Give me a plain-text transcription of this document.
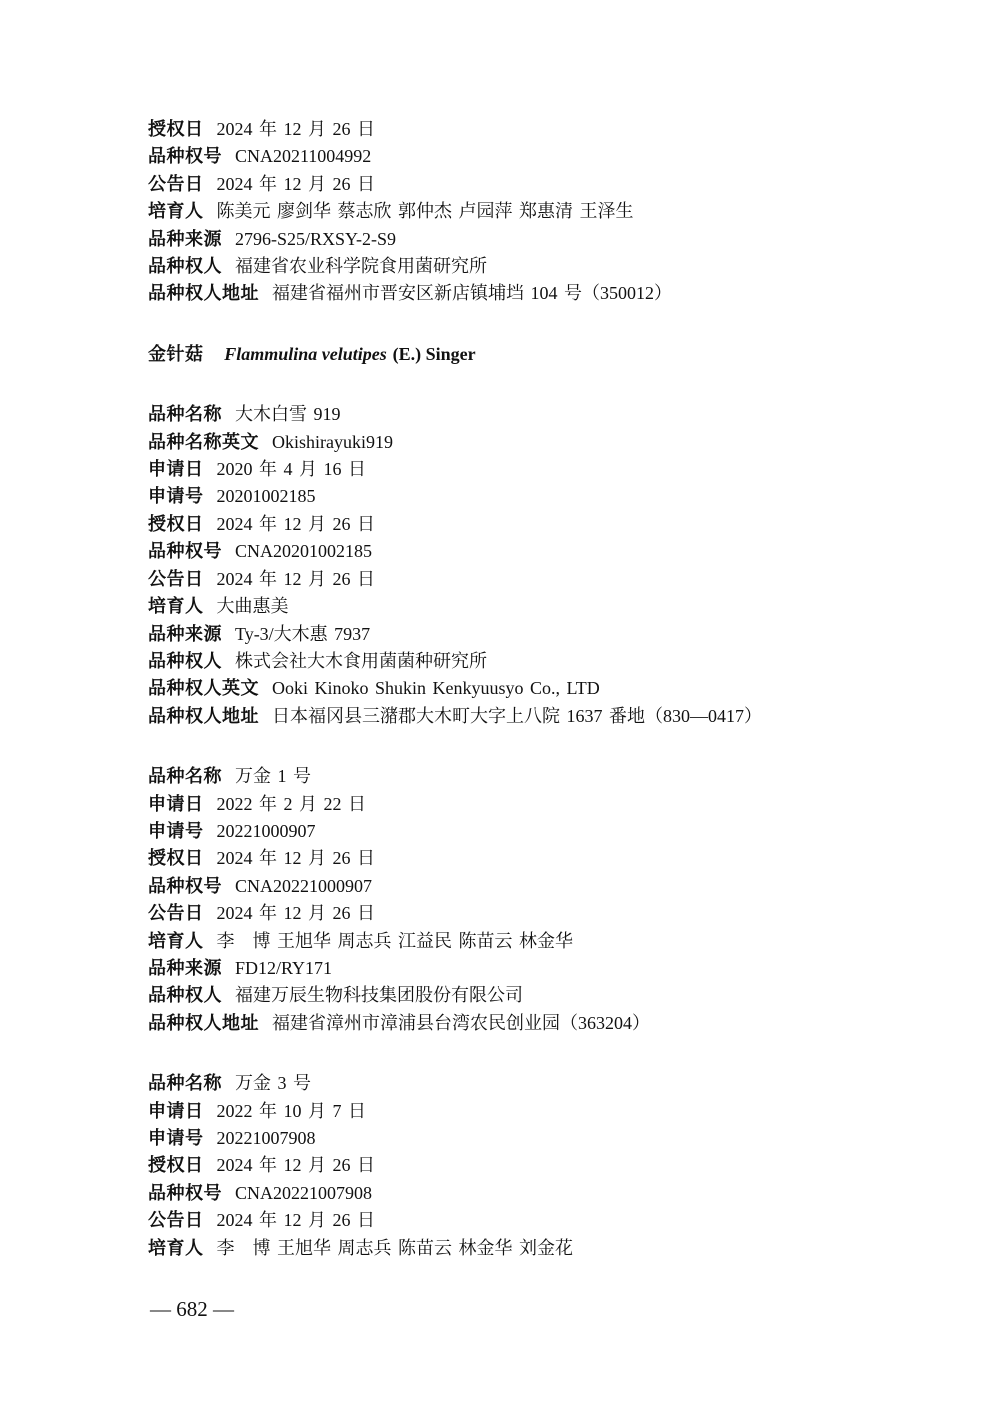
授权日 2024 年 12 月 26 日
品种权号 CNA20211004992
公告日 2024 年 12 月 26 日
培育人 陈美元 廖剑华 蔡志欣 郭仲杰 卢园萍 郑惠清 王泽生
品种来源 2796-S25/RXSY-2-S9
品种权人 福建省农业科学院食用菌研究所
品种权人地址 福建省福州市晋安区新店镇埔垱 104 号（350012）
金针菇 Flammulina velutipes (E.) Singer
品种名称 大木白雪 919
品种名称英文 Okishirayuki919
申请日 2020 年 4 月 16 日
申请号 20201002185
授权日 2024 年 12 月 26 日
品种权号 CNA20201002185
公告日 2024 年 12 月 26 日
培育人 大曲惠美
品种来源 Ty-3/大木惠 7937
品种权人 株式会社大木食用菌菌种研究所
品种权人英文 Ooki Kinoko Shukin Kenkyuusyo Co., LTD
品种权人地址 日本福冈县三潴郡大木町大字上八院 1637 番地（830—0417）
品种名称 万金 1 号
申请日 2022 年 2 月 22 日
申请号 20221000907
授权日 2024 年 12 月 26 日
品种权号 CNA20221000907
公告日 2024 年 12 月 26 日
培育人 李　博 王旭华 周志兵 江益民 陈苗云 林金华
品种来源 FD12/RY171
品种权人 福建万辰生物科技集团股份有限公司
品种权人地址 福建省漳州市漳浦县台湾农民创业园（363204）
品种名称 万金 3 号
申请日 2022 年 10 月 7 日
申请号 20221007908
授权日 2024 年 12 月 26 日
品种权号 CNA20221007908
公告日 2024 年 12 月 26 日
培育人 李　博 王旭华 周志兵 陈苗云 林金华 刘金花
— 682 —
